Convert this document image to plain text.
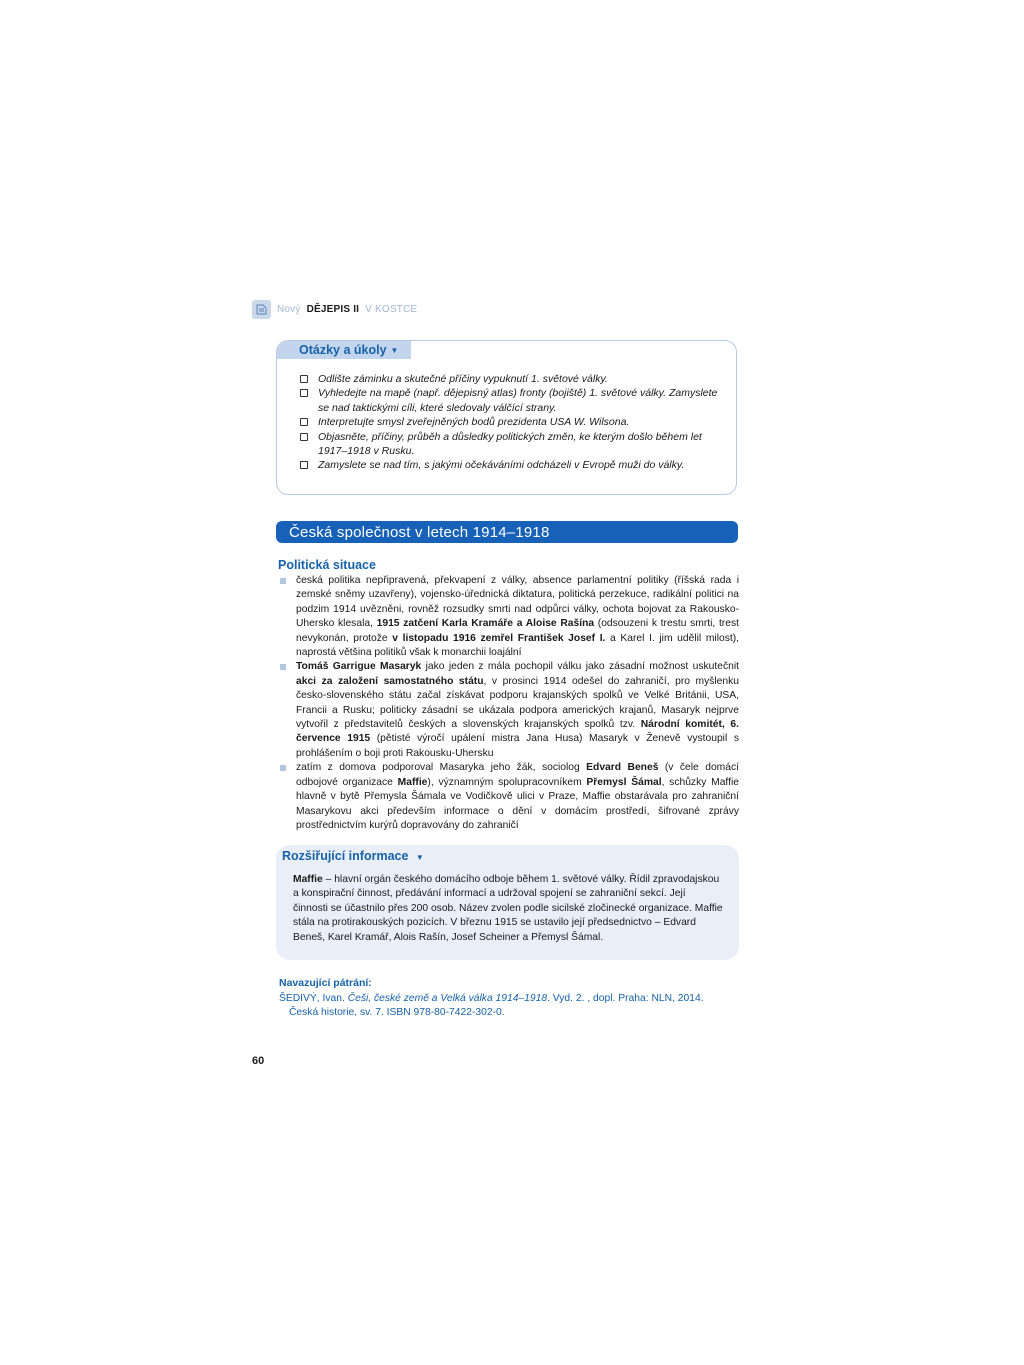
Nový DĚJEPIS II V KOSTCE
Otázky a úkoly ▼
Odlište záminku a skutečné příčiny vypuknutí 1. světové války.
Vyhledejte na mapě (např. dějepisný atlas) fronty (bojiště) 1. světové války. Zamyslete se nad taktickými cíli, které sledovaly válčící strany.
Interpretujte smysl zveřejněných bodů prezidenta USA W. Wilsona.
Objasněte, příčiny, průběh a důsledky politických změn, ke kterým došlo během let 1917–1918 v Rusku.
Zamyslete se nad tím, s jakými očekáváními odcházeli v Evropě muži do války.
Česká společnost v letech 1914–1918
Politická situace
česká politika nepřipravená, překvapení z války, absence parlamentní politiky (říšská rada i zemské sněmy uzavřeny), vojensko-úřednická diktatura, politická perzekuce, radikální politici na podzim 1914 uvězněni, rovněž rozsudky smrti nad odpůrci války, ochota bojovat za Rakousko-Uhersko klesala, 1915 zatčení Karla Kramáře a Aloise Rašína (odsouzeni k trestu smrti, trest nevykonán, protože v listopadu 1916 zemřel František Josef I. a Karel I. jim udělil milost), naprostá většina politiků však k monarchii loajální
Tomáš Garrigue Masaryk jako jeden z mála pochopil válku jako zásadní možnost uskutečnit akci za založení samostatného státu, v prosinci 1914 odešel do zahraničí, pro myšlenku česko-slovenského státu začal získávat podporu krajanských spolků ve Velké Británii, USA, Francii a Rusku; politicky zásadní se ukázala podpora amerických krajanů, Masaryk nejprve vytvořil z představitelů českých a slovenských krajanských spolků tzv. Národní komitét, 6. července 1915 (pětisté výročí upálení mistra Jana Husa) Masaryk v Ženevě vystoupil s prohlášením o boji proti Rakousku-Uhersku
zatím z domova podporoval Masaryka jeho žák, sociolog Edvard Beneš (v čele domácí odbojové organizace Maffie), významným spolupracovníkem Přemysl Šámal, schůzky Maffie hlavně v bytě Přemysla Šámala ve Vodičkově ulici v Praze, Maffie obstarávala pro zahraniční Masarykovu akci především informace o dění v domácím prostředí, šifrované zprávy prostřednictvím kurýrů dopravovány do zahraničí
Rozšiřující informace ▼
Maffie – hlavní orgán českého domácího odboje během 1. světové války. Řídil zpravodajskou a konspirační činnost, předávání informací a udržoval spojení se zahraniční sekcí. Její činnosti se účastnilo přes 200 osob. Název zvolen podle sicilské zločinecké organizace. Maffie stála na protirakouských pozicích. V březnu 1915 se ustavilo její předsednictvo – Edvard Beneš, Karel Kramář, Alois Rašín, Josef Scheiner a Přemysl Šámal.
Navazující pátrání:
ŠEDIVÝ, Ivan. Češi, české země a Velká válka 1914–1918. Vyd. 2. , dopl. Praha: NLN, 2014.
Česká historie, sv. 7. ISBN 978-80-7422-302-0.
60
